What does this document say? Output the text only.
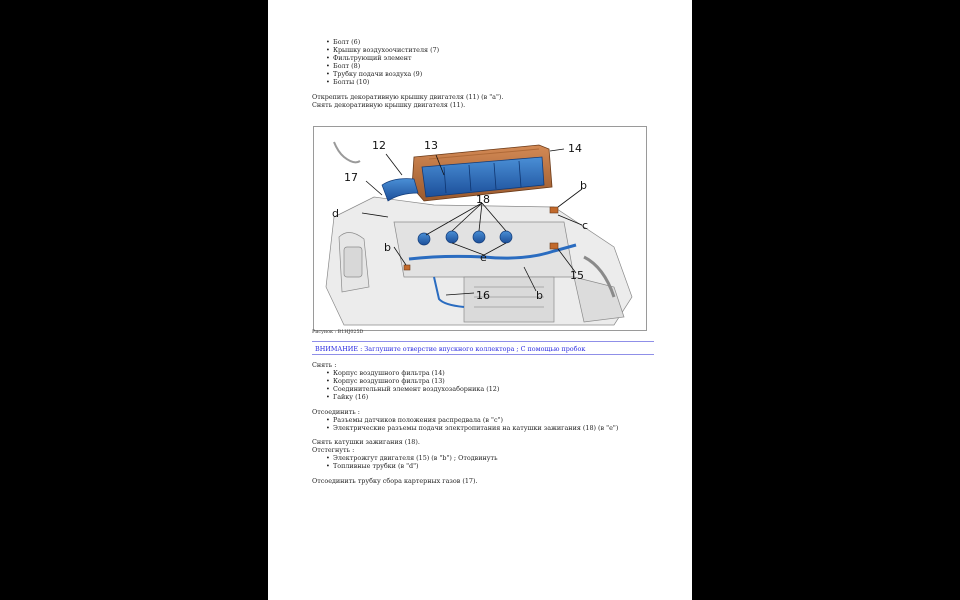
• Болт (6)
• Крышку воздухоочистителя (7)
• Фильтрующий элемент
• Болт (8)
• Трубку подачи воздуха (9)
• Болты (10)

Открепить декоративную крышку двигателя (11) (в "a").

Снять декоративную крышку двигателя (11).

12	13	14
17
d
18
b
c
b
e
15
16	b
Рисунок : B1HJ025D
ВНИМАНИЕ : Заглушите отверстие впускного коллектора ; С помощью пробок

Снять :

• Корпус воздушного фильтра (14)
• Корпус воздушного фильтра (13)
• Соединительный элемент воздухозаборника (12)
• Гайку (16)

Отсоединить :

• Разъемы датчиков положения распредвала (в "c")
• Электрические разъемы подачи электропитания на катушки зажигания (18) (в "e")

Снять катушки зажигания (18).

Отстегнуть :

• Электрожгут двигателя (15) (в "b") ; Отодвинуть
• Топливные трубки (в "d")

Отсоединить трубку сбора картерных газов (17).
